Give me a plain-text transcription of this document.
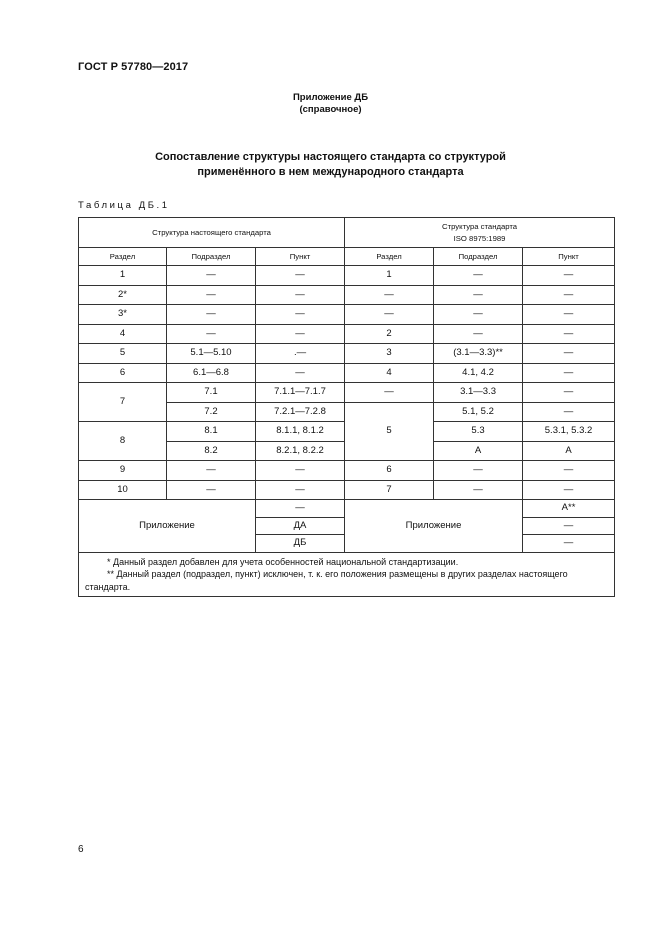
ГОСТ Р 57780—2017
Приложение ДБ
(справочное)
Сопоставление структуры настоящего стандарта со структурой
применённого в нем международного стандарта
Таблица ДБ.1
Структура настоящего стандарта			Структура стандарта
ISO 8975:1989		

Раздел	Подраздел	Пункт	Раздел	Подраздел	Пункт
1	—	—	1	—	—
2*	—	—	—	—	—
3*	—	—	—	—	—
4	—	—	2	—	—
5	5.1—5.10	.—	3	(3.1—3.3)**	—
6	6.1—6.8	—	4	4.1, 4.2	—
7	7.1	7.1.1—7.1.7	—	3.1—3.3	—
	7.2	7.2.1—7.2.8	5	5.1, 5.2	—
8	8.1	8.1.1, 8.1.2		5.3	5.3.1, 5.3.2
	8.2	8.2.1, 8.2.2		А	А
9	—	—	6	—	—
10	—	—	7	—	—
Приложение		—	Приложение		А**
		ДА			—
		ДБ			—

* Данный раздел добавлен для учета особенностей национальной стандартизации.
** Данный раздел (подраздел, пункт) исключен, т. к. его положения размещены в других разделах настоящего стандарта.					
6
